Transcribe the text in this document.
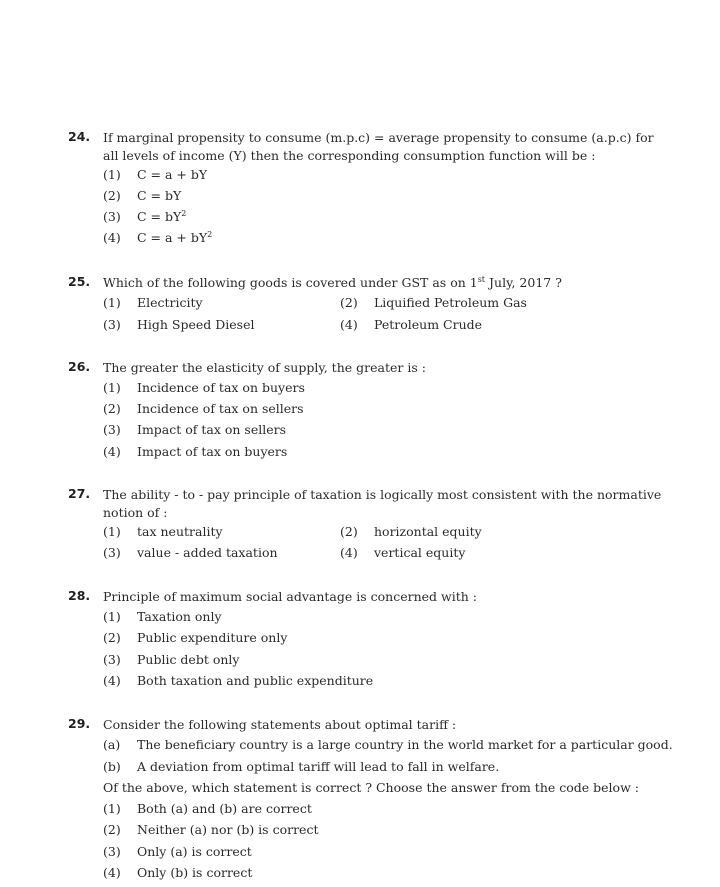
24. If marginal propensity to consume (m.p.c) = average propensity to consume (a.p.c) for all levels of income (Y) then the corresponding consumption function will be :
(1) C = a + bY
(2) C = bY
(3) $C = bY^2$
(4) $C = a + bY^2$
25. Which of the following goods is covered under GST as on 1st July, 2017 ?
(1) Electricity	(2) Liquified Petroleum Gas
(3) High Speed Diesel	(4) Petroleum Crude
26. The greater the elasticity of supply, the greater is :
(1) Incidence of tax on buyers
(2) Incidence of tax on sellers
(3) Impact of tax on sellers
(4) Impact of tax on buyers
27. The ability - to - pay principle of taxation is logically most consistent with the normative notion of :
(1) tax neutrality	(2) horizontal equity
(3) value - added taxation	(4) vertical equity
28. Principle of maximum social advantage is concerned with :
(1) Taxation only
(2) Public expenditure only
(3) Public debt only
(4) Both taxation and public expenditure
29. Consider the following statements about optimal tariff :
(a) The beneficiary country is a large country in the world market for a particular good.
(b) A deviation from optimal tariff will lead to fall in welfare.
Of the above, which statement is correct ? Choose the answer from the code below :
(1) Both (a) and (b) are correct
(2) Neither (a) nor (b) is correct
(3) Only (a) is correct
(4) Only (b) is correct
